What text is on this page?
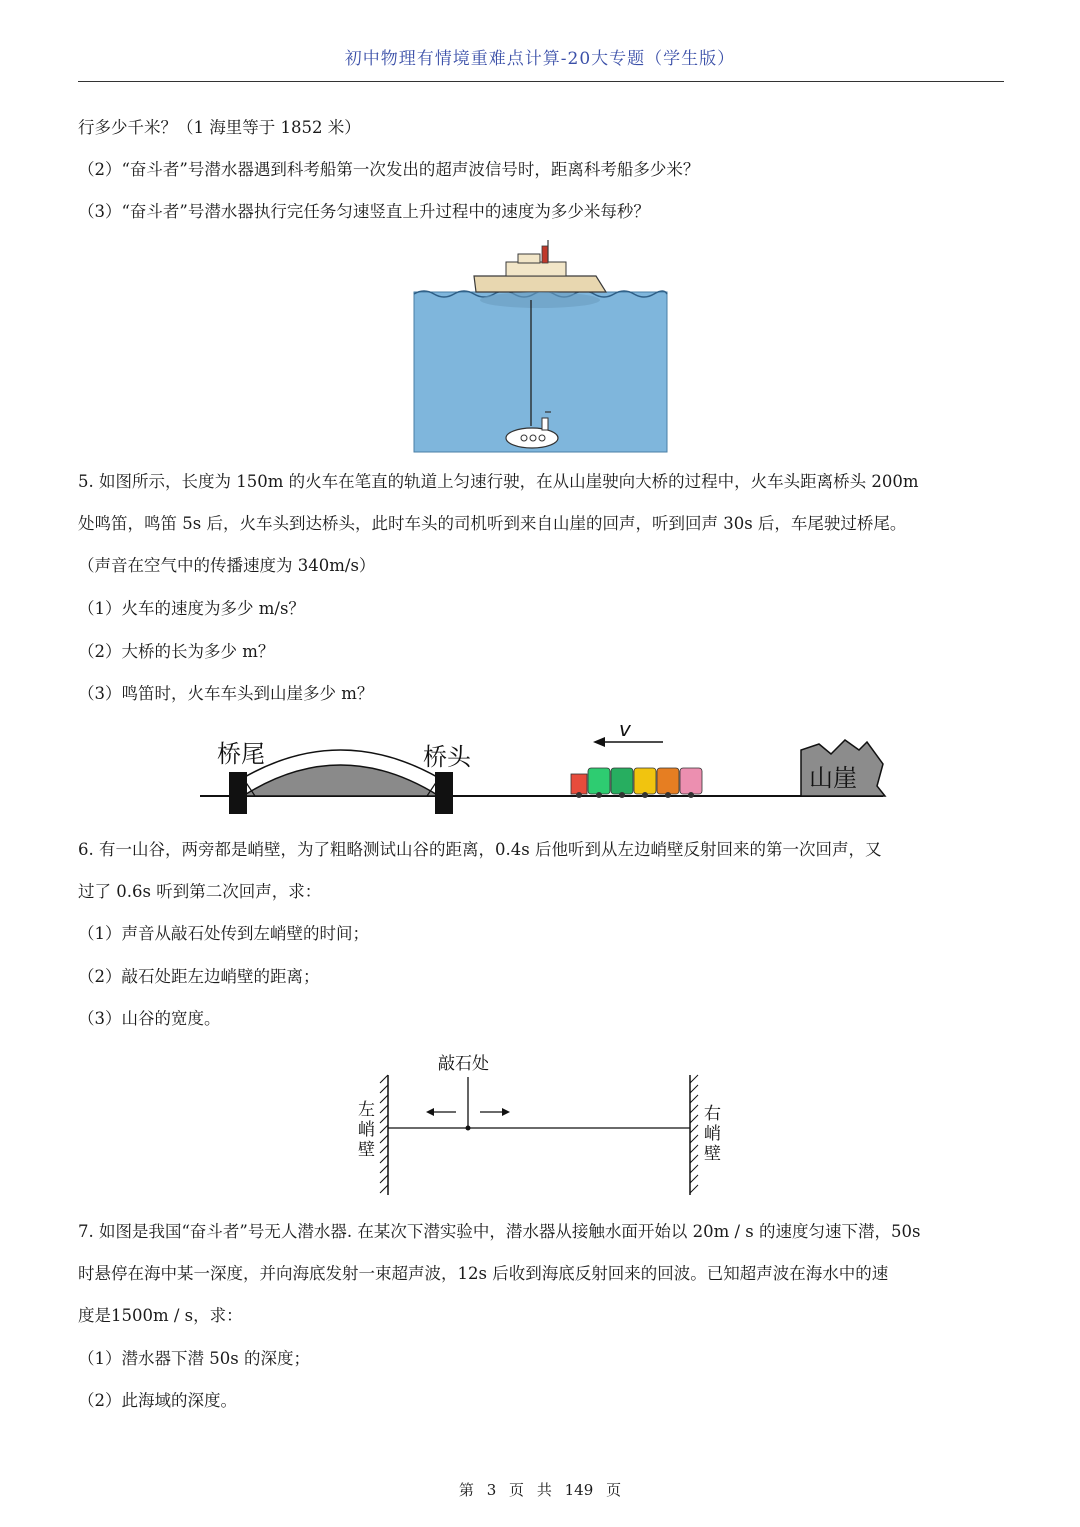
初中物理有情境重难点计算-20大专题（学生版）
行多少千米？（1 海里等于 1852 米）
（2）“奋斗者”号潜水器遇到科考船第一次发出的超声波信号时，距离科考船多少米？
（3）“奋斗者”号潜水器执行完任务匀速竖直上升过程中的速度为多少米每秒？
5. 如图所示，长度为 150m 的火车在笔直的轨道上匀速行驶，在从山崖驶向大桥的过程中，火车头距离桥头 200m
处鸣笛，鸣笛 5s 后，火车头到达桥头，此时车头的司机听到来自山崖的回声，听到回声 30s 后，车尾驶过桥尾。
（声音在空气中的传播速度为 340m/s）
（1）火车的速度为多少 m/s？
（2）大桥的长为多少 m？
（3）鸣笛时，火车车头到山崖多少 m？
桥尾	桥头
v
山崖
6. 有一山谷，两旁都是峭壁，为了粗略测试山谷的距离，0.4s 后他听到从左边峭壁反射回来的第一次回声，又
过了 0.6s 听到第二次回声，求：
（1）声音从敲石处传到左峭壁的时间；
（2）敲石处距左边峭壁的距离；
（3）山谷的宽度。
敲石处
左
峭
壁
右
峭
壁
7. 如图是我国“奋斗者”号无人潜水器. 在某次下潜实验中，潜水器从接触水面开始以 20m / s 的速度匀速下潜，50s
时悬停在海中某一深度，并向海底发射一束超声波，12s 后收到海底反射回来的回波。已知超声波在海水中的速
度是1500m / s，求：
（1）潜水器下潜 50s 的深度；
（2）此海域的深度。
第 3 页 共 149 页
